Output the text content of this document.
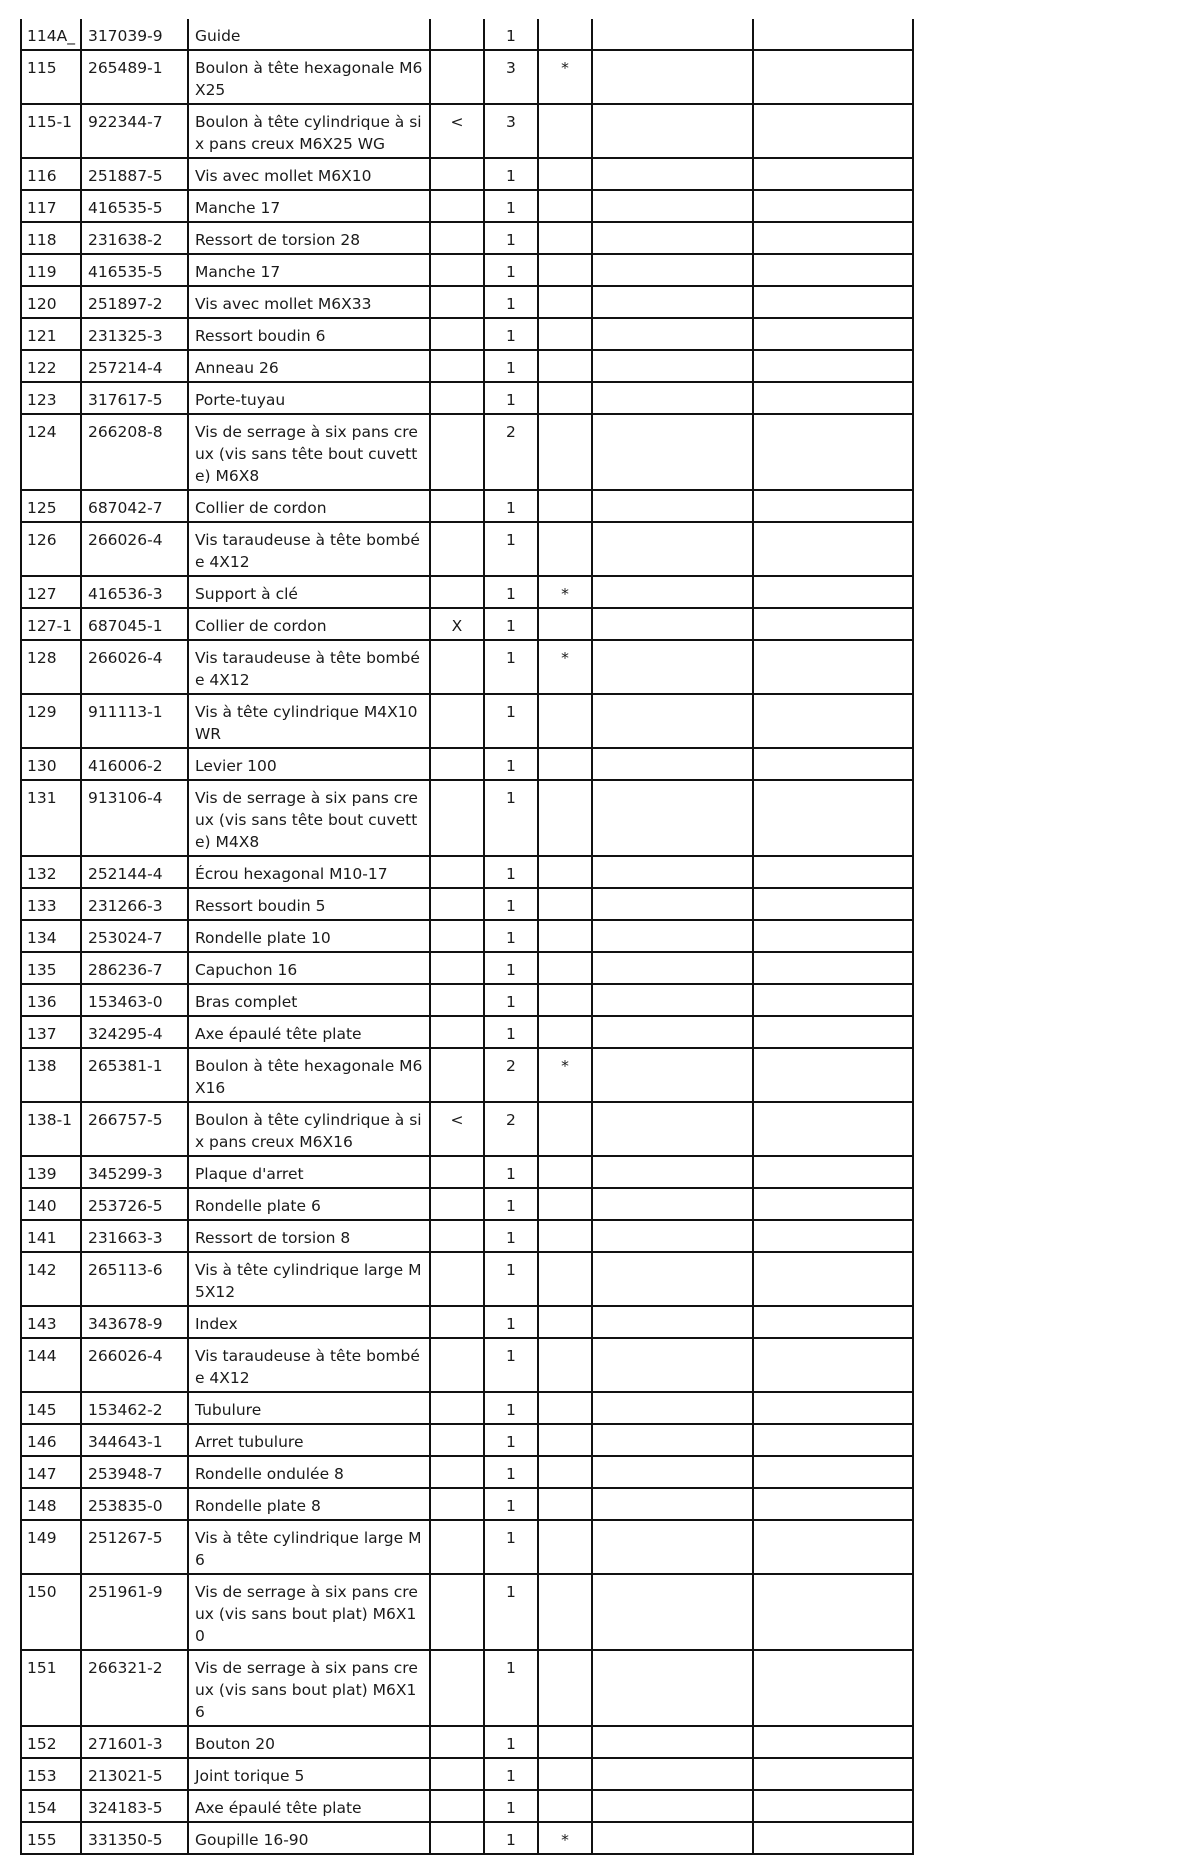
114A_	317039-9	Guide		1			

115	265489-1	Boulon à tête hexagonale M6X25		3	*		

115-1	922344-7	Boulon à tête cylindrique à six pans creux M6X25 WG	<	3			

116	251887-5	Vis avec mollet M6X10		1			

117	416535-5	Manche 17		1			

118	231638-2	Ressort de torsion 28		1			

119	416535-5	Manche 17		1			

120	251897-2	Vis avec mollet M6X33		1			

121	231325-3	Ressort boudin 6		1			

122	257214-4	Anneau 26		1			

123	317617-5	Porte-tuyau		1			

124	266208-8	Vis de serrage à six pans creux (vis sans tête bout cuvette) M6X8		2			

125	687042-7	Collier de cordon		1			

126	266026-4	Vis taraudeuse à tête bombée 4X12		1			

127	416536-3	Support à clé		1	*		

127-1	687045-1	Collier de cordon	X	1			

128	266026-4	Vis taraudeuse à tête bombée 4X12		1	*		

129	911113-1	Vis à tête cylindrique M4X10 WR		1			

130	416006-2	Levier 100		1			

131	913106-4	Vis de serrage à six pans creux (vis sans tête bout cuvette) M4X8		1			

132	252144-4	Écrou hexagonal M10-17		1			

133	231266-3	Ressort boudin 5		1			

134	253024-7	Rondelle plate 10		1			

135	286236-7	Capuchon 16		1			

136	153463-0	Bras complet		1			

137	324295-4	Axe épaulé tête plate		1			

138	265381-1	Boulon à tête hexagonale M6X16		2	*		

138-1	266757-5	Boulon à tête cylindrique à six pans creux M6X16	<	2			

139	345299-3	Plaque d'arret		1			

140	253726-5	Rondelle plate 6		1			

141	231663-3	Ressort de torsion 8		1			

142	265113-6	Vis à tête cylindrique large M5X12		1			

143	343678-9	Index		1			

144	266026-4	Vis taraudeuse à tête bombée 4X12		1			

145	153462-2	Tubulure		1			

146	344643-1	Arret tubulure		1			

147	253948-7	Rondelle ondulée 8		1			

148	253835-0	Rondelle plate 8		1			

149	251267-5	Vis à tête cylindrique large M6		1			

150	251961-9	Vis de serrage à six pans creux (vis sans bout plat) M6X10		1			

151	266321-2	Vis de serrage à six pans creux (vis sans bout plat) M6X16		1			

152	271601-3	Bouton 20		1			

153	213021-5	Joint torique 5		1			

154	324183-5	Axe épaulé tête plate		1			

155	331350-5	Goupille 16-90		1	*		
